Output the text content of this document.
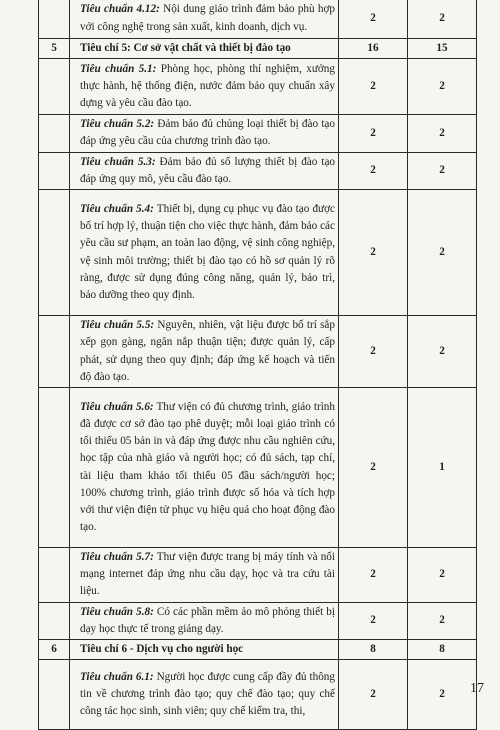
	Tiêu chuẩn 4.12: Nội dung giáo trình đảm bảo phù hợp với công nghệ trong sản xuất, kinh doanh, dịch vụ.	2	2
5	Tiêu chí 5: Cơ sở vật chất và thiết bị đào tạo	16	15
	Tiêu chuẩn 5.1: Phòng học, phòng thí nghiệm, xưởng thực hành, hệ thống điện, nước đảm bảo quy chuẩn xây dựng và yêu cầu đào tạo.	2	2
	Tiêu chuẩn 5.2: Đảm bảo đủ chủng loại thiết bị đào tạo đáp ứng yêu cầu của chương trình đào tạo.	2	2
	Tiêu chuẩn 5.3: Đảm bảo đủ số lượng thiết bị đào tạo đáp ứng quy mô, yêu cầu đào tạo.	2	2
	Tiêu chuẩn 5.4: Thiết bị, dụng cụ phục vụ đào tạo được bố trí hợp lý, thuận tiện cho việc thực hành, đảm bảo các yêu cầu sư phạm, an toàn lao động, vệ sinh công nghiệp, vệ sinh môi trường; thiết bị đào tạo có hồ sơ quản lý rõ ràng, được sử dụng đúng công năng, quản lý, bảo trì, bảo dưỡng theo quy định.	2	2
	Tiêu chuẩn 5.5: Nguyên, nhiên, vật liệu được bố trí sắp xếp gọn gàng, ngăn nắp thuận tiện; được quản lý, cấp phát, sử dụng theo quy định; đáp ứng kế hoạch và tiến độ đào tạo.	2	2
	Tiêu chuẩn 5.6: Thư viện có đủ chương trình, giáo trình đã được cơ sở đào tạo phê duyệt; mỗi loại giáo trình có tối thiểu 05 bản in và đáp ứng được nhu cầu nghiên cứu, học tập của nhà giáo và người học; có đủ sách, tạp chí, tài liệu tham khảo tối thiểu 05 đầu sách/người học; 100% chương trình, giáo trình được số hóa và tích hợp với thư viện điện tử phục vụ hiệu quả cho hoạt động đào tạo.	2	1
	Tiêu chuẩn 5.7: Thư viện được trang bị máy tính và nối mạng internet đáp ứng nhu cầu dạy, học và tra cứu tài liệu.	2	2
	Tiêu chuẩn 5.8: Có các phần mềm ảo mô phỏng thiết bị dạy học thực tế trong giảng dạy.	2	2
6	Tiêu chí 6 - Dịch vụ cho người học	8	8
	Tiêu chuẩn 6.1: Người học được cung cấp đầy đủ thông tin về chương trình đào tạo; quy chế đào tạo; quy chế công tác học sinh, sinh viên; quy chế kiểm tra, thi,	2	2 17
